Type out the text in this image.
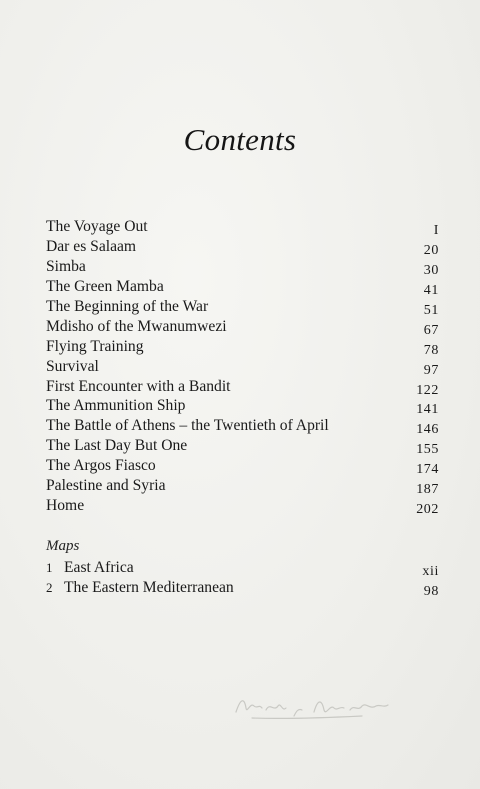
Contents
The Voyage Out	I
Dar es Salaam	20
Simba	30
The Green Mamba	41
The Beginning of the War	51
Mdisho of the Mwanumwezi	67
Flying Training	78
Survival	97
First Encounter with a Bandit	122
The Ammunition Ship	141
The Battle of Athens – the Twentieth of April	146
The Last Day But One	155
The Argos Fiasco	174
Palestine and Syria	187
Home	202
Maps
1 East Africa	xii
2 The Eastern Mediterranean	98
